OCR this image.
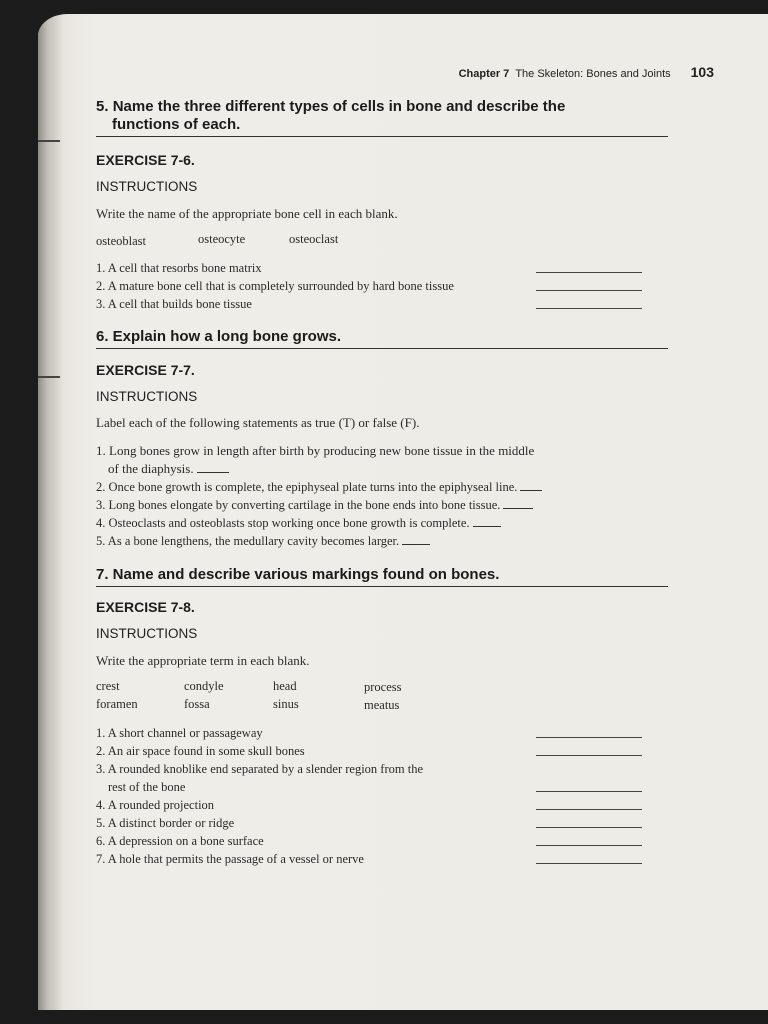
Chapter 7 The Skeleton: Bones and Joints 103
5. Name the three different types of cells in bone and describe the
functions of each.
EXERCISE 7-6.
INSTRUCTIONS
Write the name of the appropriate bone cell in each blank.
osteoblast	osteocyte	osteoclast
1. A cell that resorbs bone matrix
2. A mature bone cell that is completely surrounded by hard bone tissue
3. A cell that builds bone tissue
6. Explain how a long bone grows.
EXERCISE 7-7.
INSTRUCTIONS
Label each of the following statements as true (T) or false (F).
1. Long bones grow in length after birth by producing new bone tissue in the middle
of the diaphysis.
2. Once bone growth is complete, the epiphyseal plate turns into the epiphyseal line.
3. Long bones elongate by converting cartilage in the bone ends into bone tissue.
4. Osteoclasts and osteoblasts stop working once bone growth is complete.
5. As a bone lengthens, the medullary cavity becomes larger.
7. Name and describe various markings found on bones.
EXERCISE 7-8.
INSTRUCTIONS
Write the appropriate term in each blank.
crest	condyle	head	process
foramen	fossa	sinus	meatus
1. A short channel or passageway
2. An air space found in some skull bones
3. A rounded knoblike end separated by a slender region from the
rest of the bone
4. A rounded projection
5. A distinct border or ridge
6. A depression on a bone surface
7. A hole that permits the passage of a vessel or nerve
